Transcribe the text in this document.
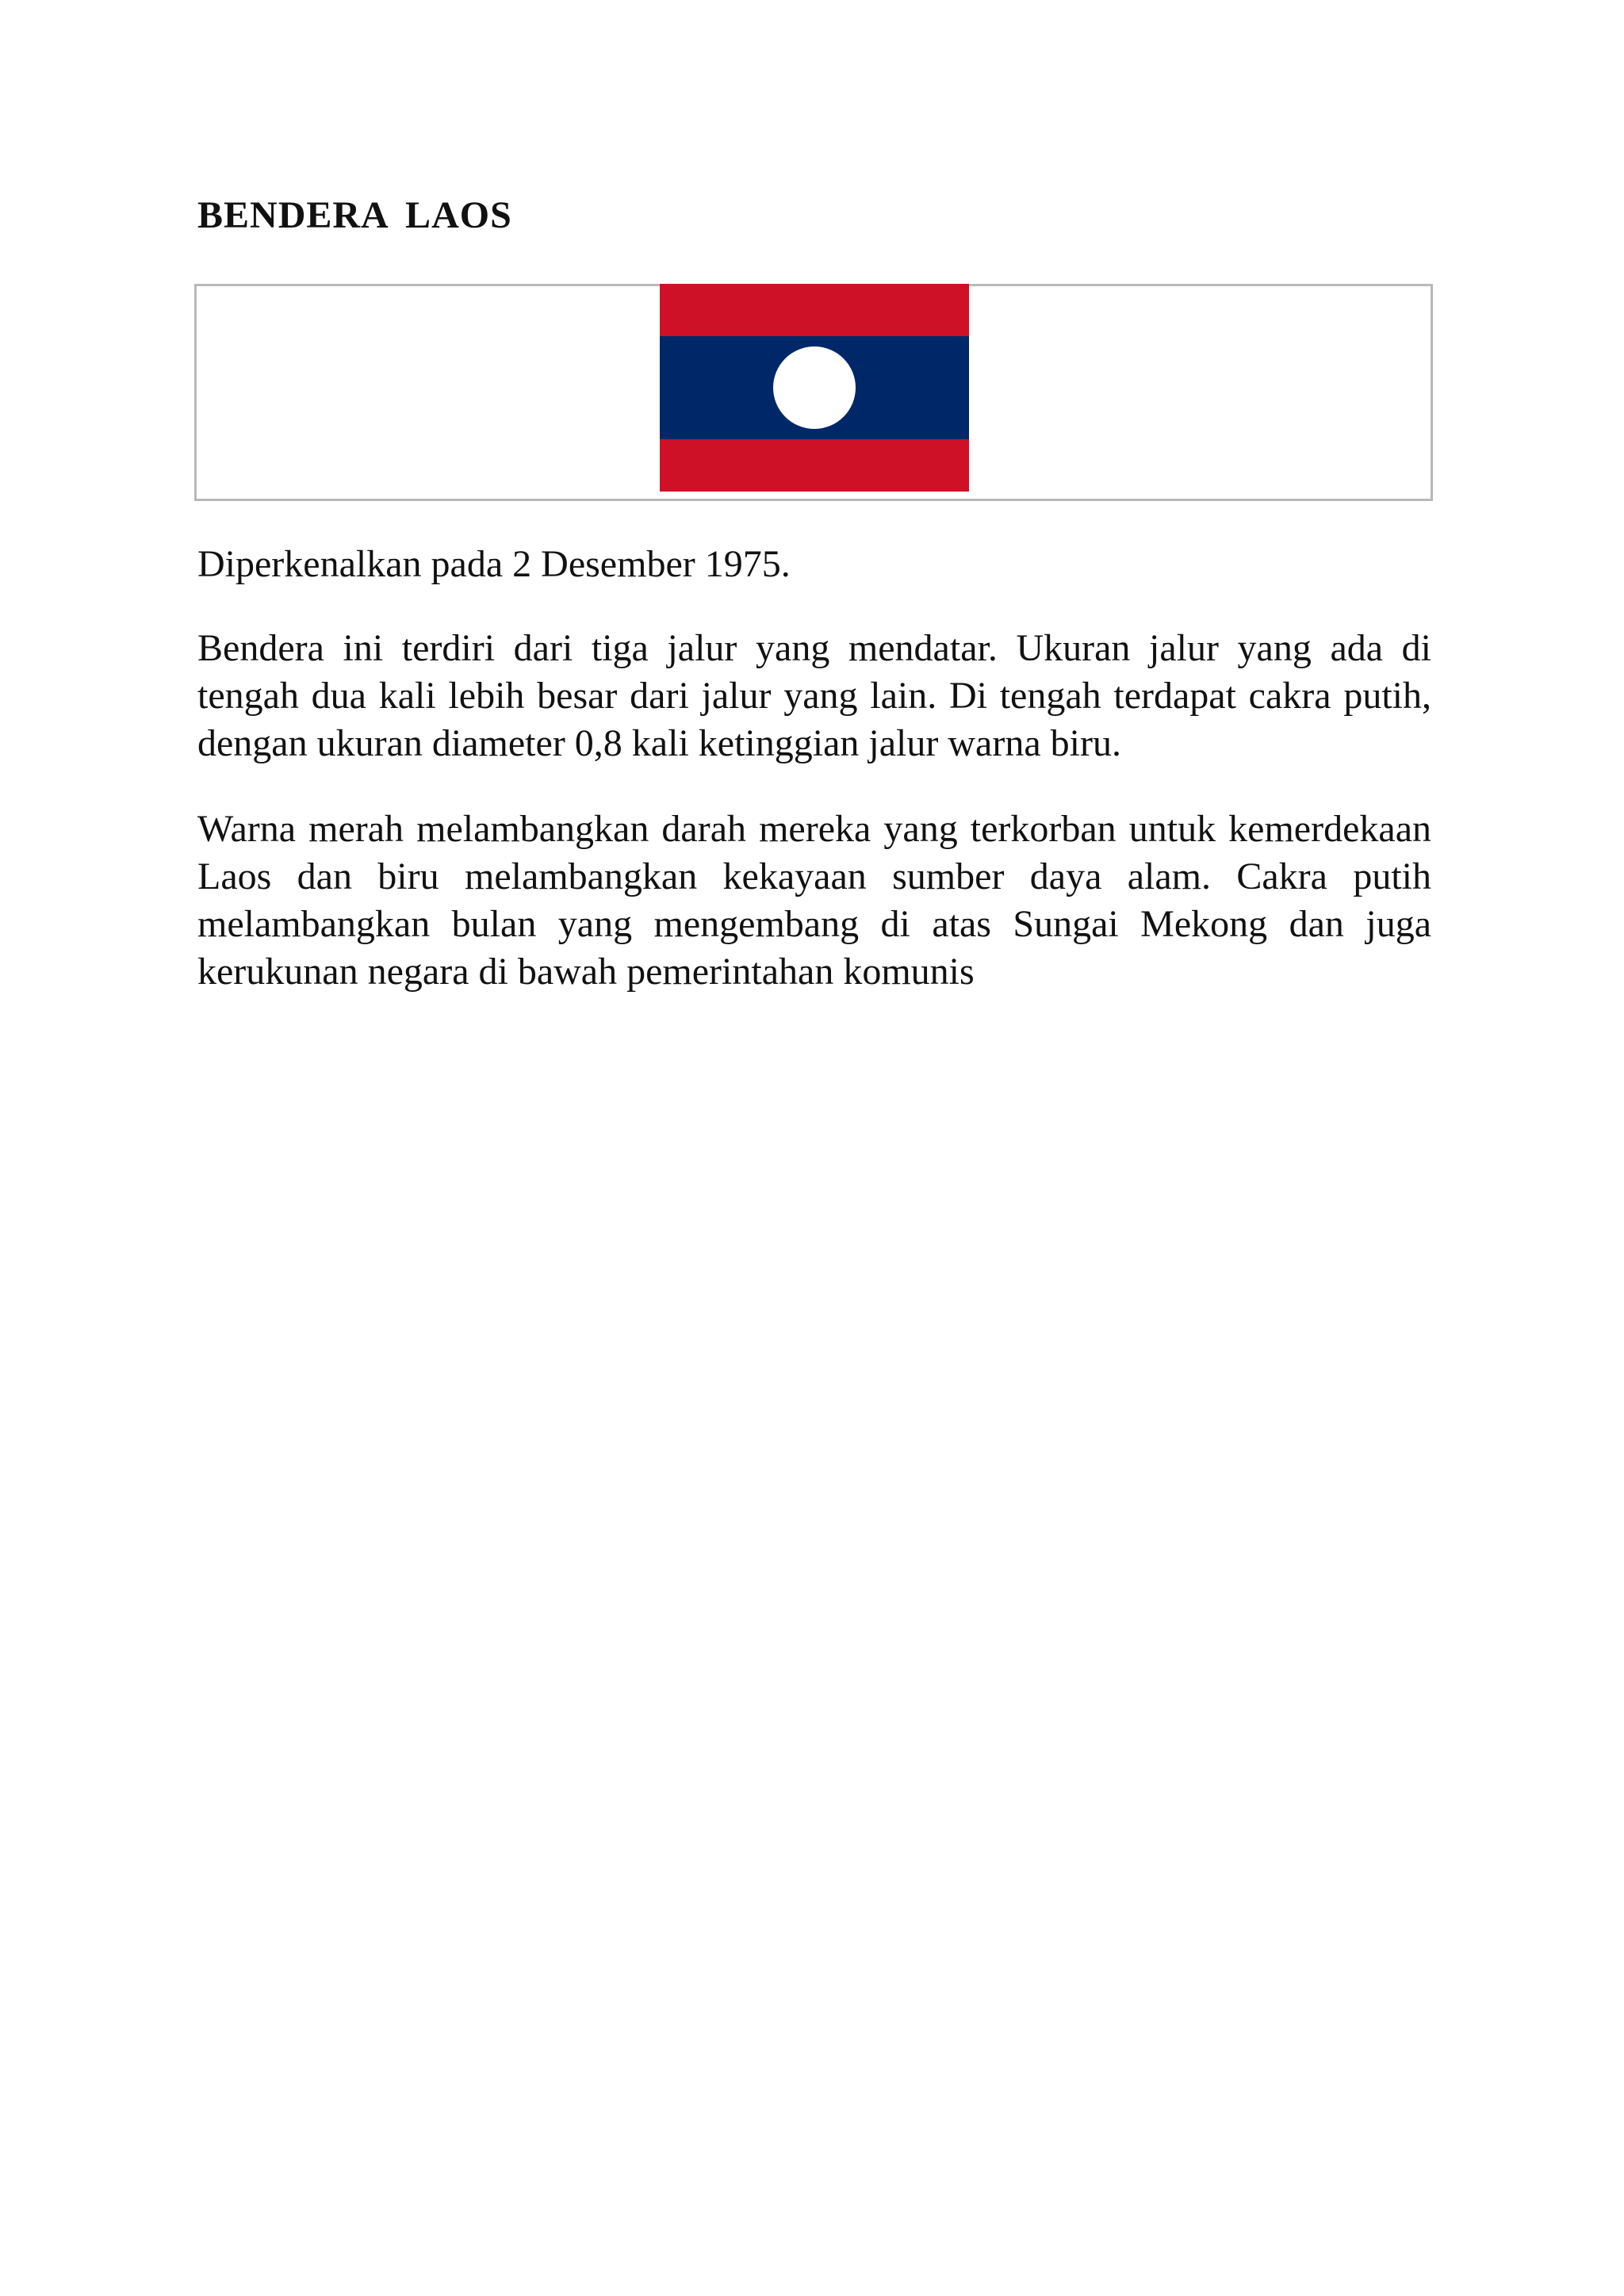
BENDERA LAOS

Diperkenalkan pada 2 Desember 1975.

Bendera ini terdiri dari tiga jalur yang mendatar. Ukuran jalur yang ada di tengah dua kali lebih besar dari jalur yang lain. Di tengah terdapat cakra putih, dengan ukuran diameter 0,8 kali ketinggian jalur warna biru.

Warna merah melambangkan darah mereka yang terkorban untuk kemerdekaan Laos dan biru melambangkan kekayaan sumber daya alam. Cakra putih melambangkan bulan yang mengembang di atas Sungai Mekong dan juga kerukunan negara di bawah pemerintahan komunis
